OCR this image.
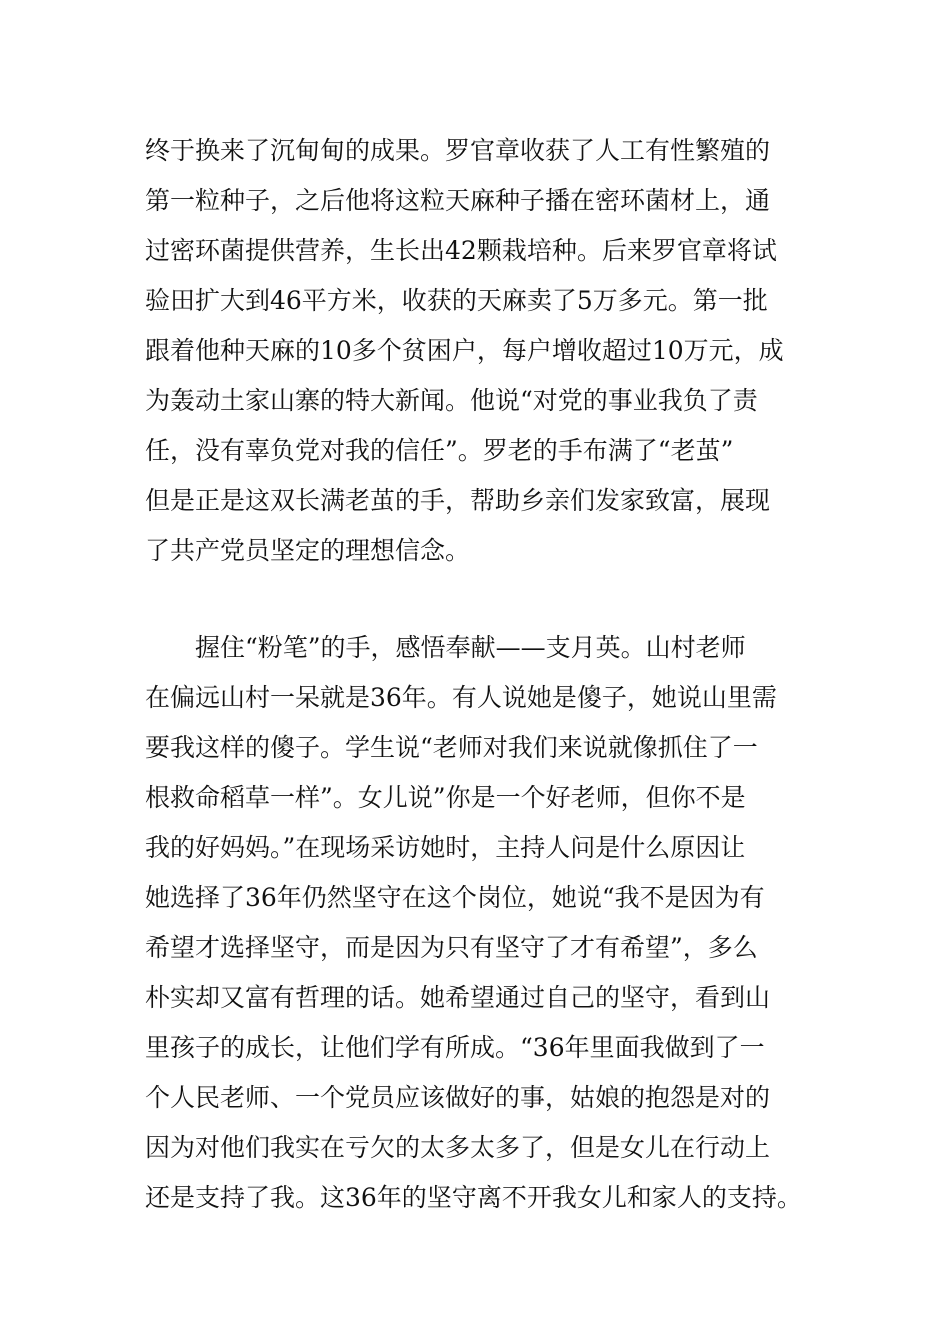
终于换来了沉甸甸的成果。罗官章收获了人工有性繁殖的
第一粒种子，之后他将这粒天麻种子播在密环菌材上，通
过密环菌提供营养，生长出42颗栽培种。后来罗官章将试
验田扩大到46平方米，收获的天麻卖了5万多元。第一批
跟着他种天麻的10多个贫困户，每户增收超过10万元，成
为轰动土家山寨的特大新闻。他说“对党的事业我负了责
任，没有辜负党对我的信任”。罗老的手布满了“老茧”
但是正是这双长满老茧的手，帮助乡亲们发家致富，展现
了共产党员坚定的理想信念。

　　握住“粉笔”的手，感悟奉献——支月英。山村老师
在偏远山村一呆就是36年。有人说她是傻子，她说山里需
要我这样的傻子。学生说“老师对我们来说就像抓住了一
根救命稻草一样”。女儿说”你是一个好老师，但你不是
我的好妈妈。”在现场采访她时，主持人问是什么原因让
她选择了36年仍然坚守在这个岗位，她说“我不是因为有
希望才选择坚守，而是因为只有坚守了才有希望”，多么
朴实却又富有哲理的话。她希望通过自己的坚守，看到山
里孩子的成长，让他们学有所成。“36年里面我做到了一
个人民老师、一个党员应该做好的事，姑娘的抱怨是对的
因为对他们我实在亏欠的太多太多了，但是女儿在行动上
还是支持了我。这36年的坚守离不开我女儿和家人的支持。
